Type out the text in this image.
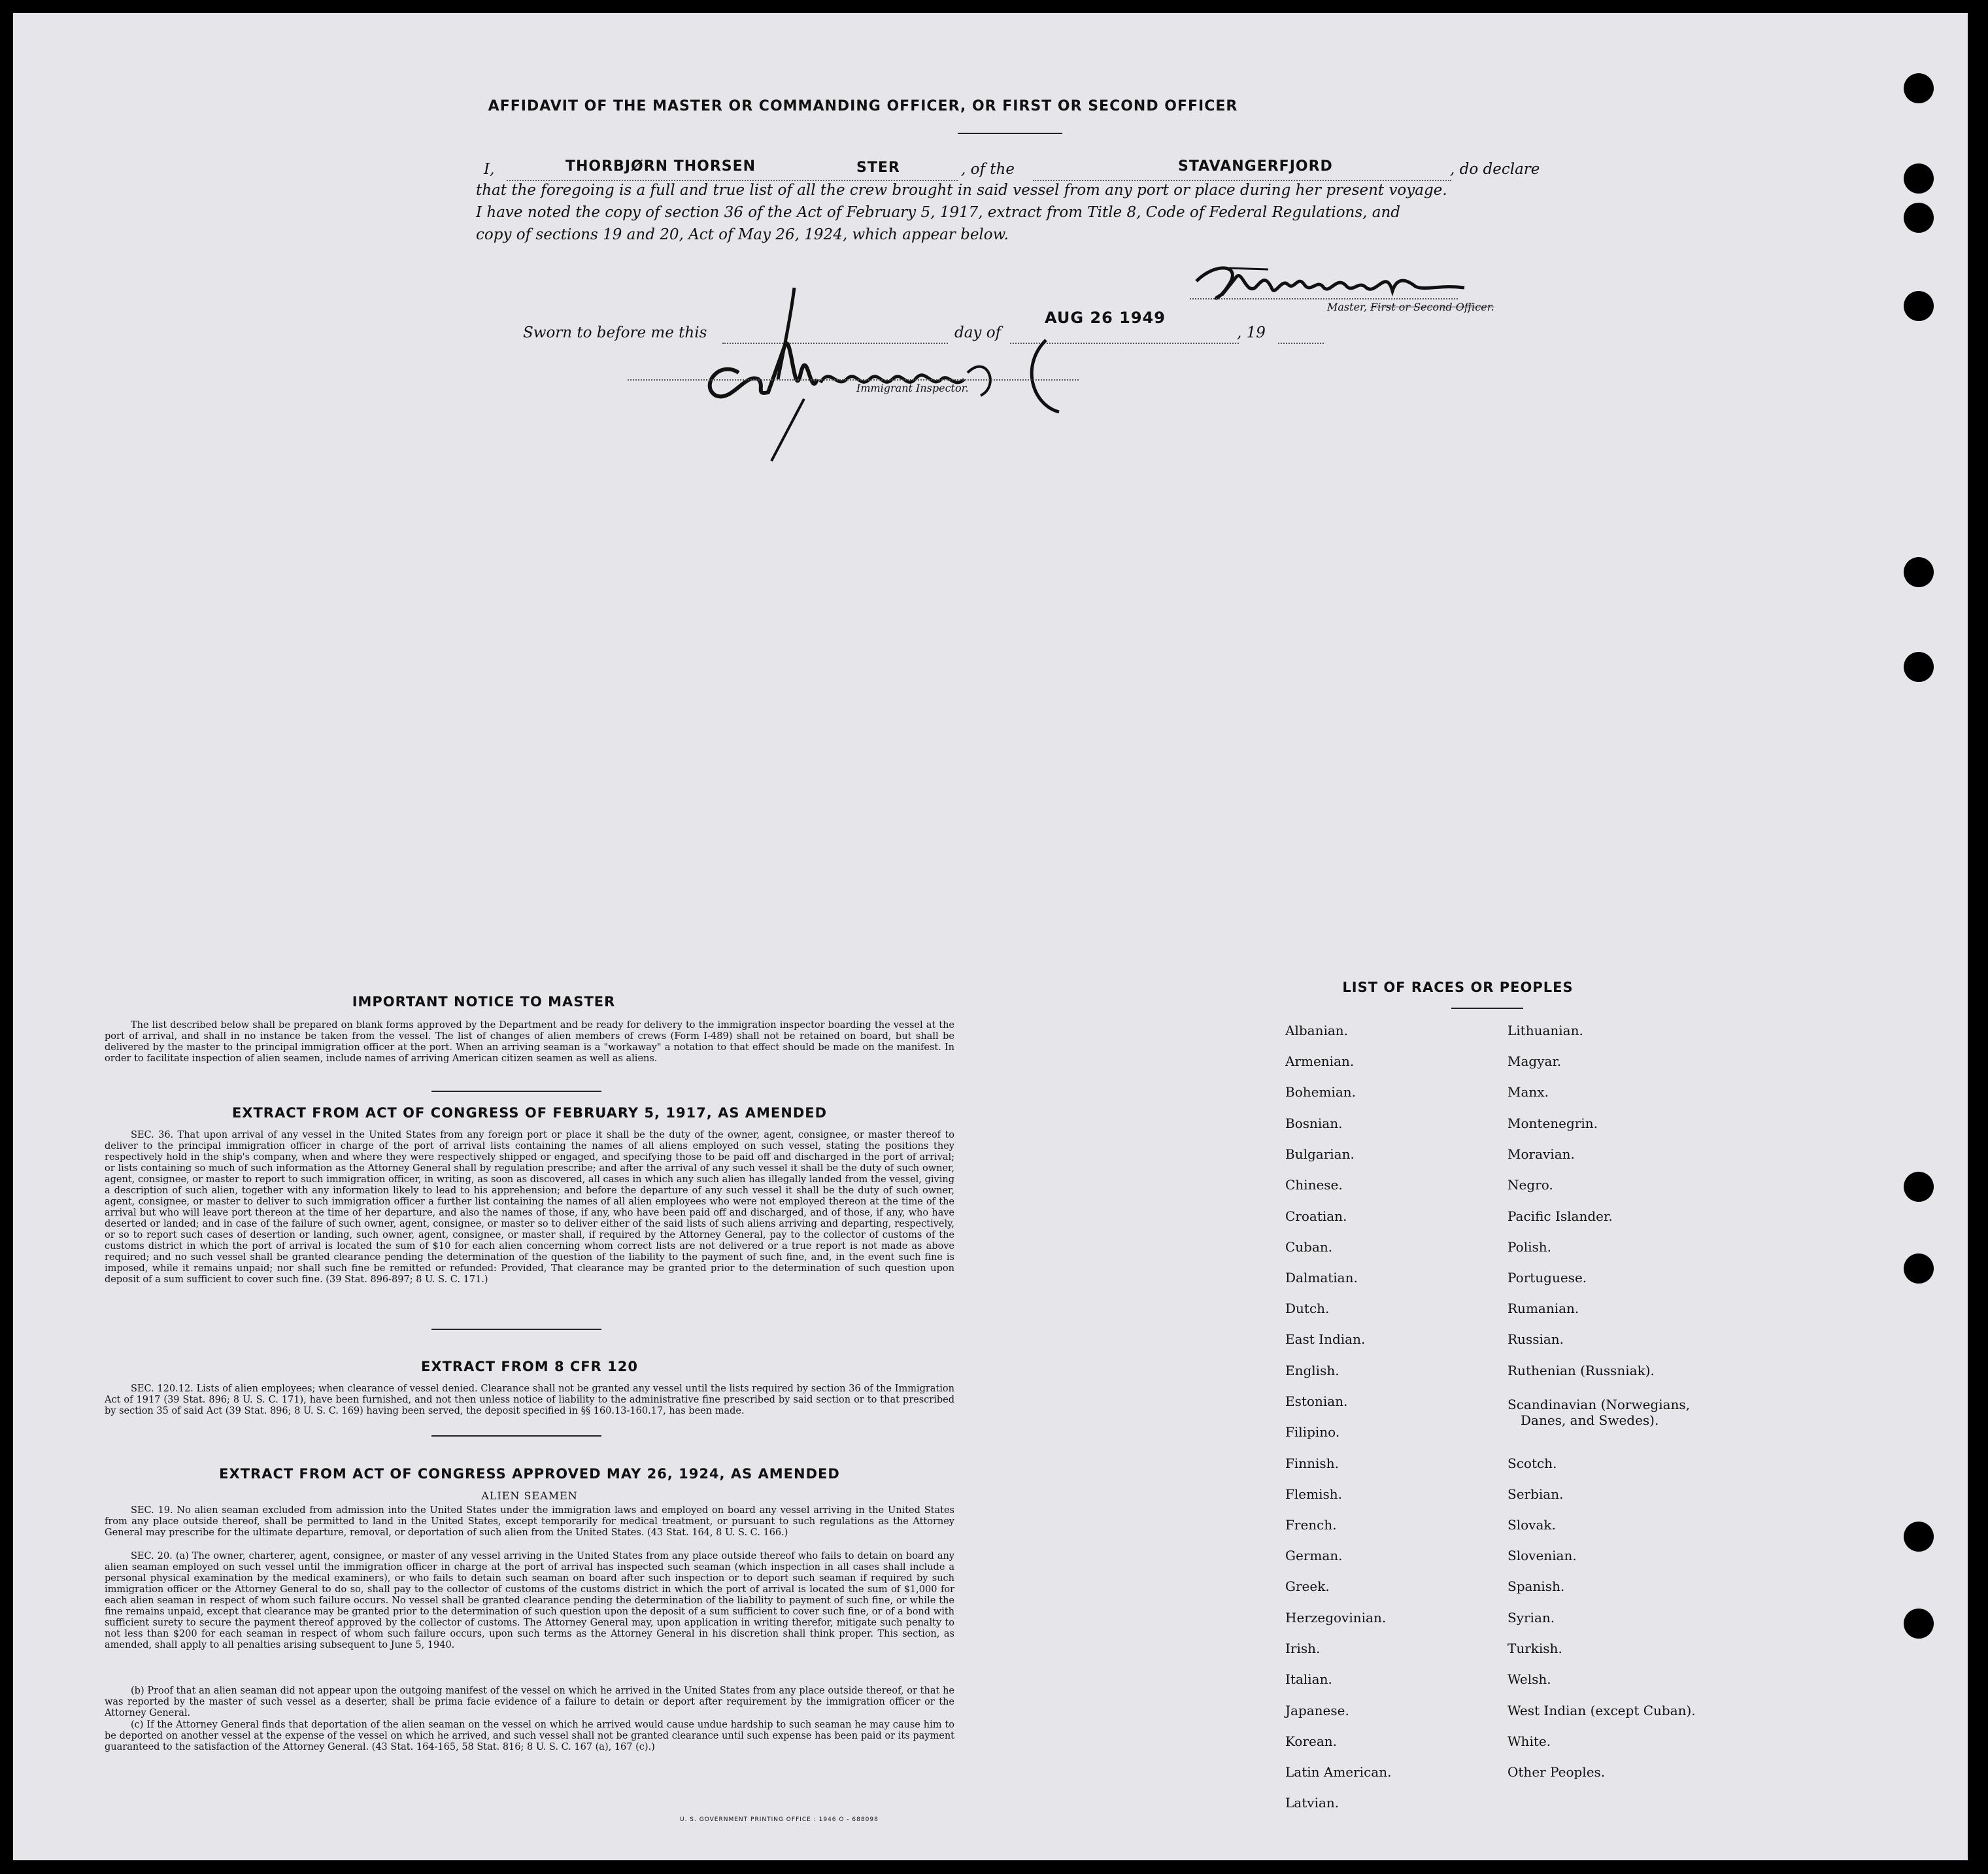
AFFIDAVIT OF THE MASTER OR COMMANDING OFFICER, OR FIRST OR SECOND OFFICER
I,	THORBJØRN THORSEN	STER	, of the	STAVANGERFJORD	, do declare
that the foregoing is a full and true list of all the crew brought in said vessel from any port or place during her present voyage.
I have noted the copy of section 36 of the Act of February 5, 1917, extract from Title 8, Code of Federal Regulations, and
copy of sections 19 and 20, Act of May 26, 1924, which appear below.
Master, First or Second Officer.
Sworn to before me this	day of
AUG 26 1949
, 19
Immigrant Inspector.
IMPORTANT NOTICE TO MASTER
The list described below shall be prepared on blank forms approved by the Department and be ready for delivery to the immigration inspector boarding the vessel at the port of arrival, and shall in no instance be taken from the vessel. The list of changes of alien members of crews (Form I-489) shall not be retained on board, but shall be delivered by the master to the principal immigration officer at the port. When an arriving seaman is a "workaway" a notation to that effect should be made on the manifest. In order to facilitate inspection of alien seamen, include names of arriving American citizen seamen as well as aliens.
EXTRACT FROM ACT OF CONGRESS OF FEBRUARY 5, 1917, AS AMENDED
SEC. 36. That upon arrival of any vessel in the United States from any foreign port or place it shall be the duty of the owner, agent, consignee, or master thereof to deliver to the principal immigration officer in charge of the port of arrival lists containing the names of all aliens employed on such vessel, stating the positions they respectively hold in the ship's company, when and where they were respectively shipped or engaged, and specifying those to be paid off and discharged in the port of arrival; or lists containing so much of such information as the Attorney General shall by regulation prescribe; and after the arrival of any such vessel it shall be the duty of such owner, agent, consignee, or master to report to such immigration officer, in writing, as soon as discovered, all cases in which any such alien has illegally landed from the vessel, giving a description of such alien, together with any information likely to lead to his apprehension; and before the departure of any such vessel it shall be the duty of such owner, agent, consignee, or master to deliver to such immigration officer a further list containing the names of all alien employees who were not employed thereon at the time of the arrival but who will leave port thereon at the time of her departure, and also the names of those, if any, who have been paid off and discharged, and of those, if any, who have deserted or landed; and in case of the failure of such owner, agent, consignee, or master so to deliver either of the said lists of such aliens arriving and departing, respectively, or so to report such cases of desertion or landing, such owner, agent, consignee, or master shall, if required by the Attorney General, pay to the collector of customs of the customs district in which the port of arrival is located the sum of $10 for each alien concerning whom correct lists are not delivered or a true report is not made as above required; and no such vessel shall be granted clearance pending the determination of the question of the liability to the payment of such fine, and, in the event such fine is imposed, while it remains unpaid; nor shall such fine be remitted or refunded: Provided, That clearance may be granted prior to the determination of such question upon deposit of a sum sufficient to cover such fine. (39 Stat. 896-897; 8 U. S. C. 171.)
EXTRACT FROM 8 CFR 120
SEC. 120.12. Lists of alien employees; when clearance of vessel denied. Clearance shall not be granted any vessel until the lists required by section 36 of the Immigration Act of 1917 (39 Stat. 896; 8 U. S. C. 171), have been furnished, and not then unless notice of liability to the administrative fine prescribed by said section or to that prescribed by section 35 of said Act (39 Stat. 896; 8 U. S. C. 169) having been served, the deposit specified in §§ 160.13-160.17, has been made.
EXTRACT FROM ACT OF CONGRESS APPROVED MAY 26, 1924, AS AMENDED
ALIEN SEAMEN
SEC. 19. No alien seaman excluded from admission into the United States under the immigration laws and employed on board any vessel arriving in the United States from any place outside thereof, shall be permitted to land in the United States, except temporarily for medical treatment, or pursuant to such regulations as the Attorney General may prescribe for the ultimate departure, removal, or deportation of such alien from the United States. (43 Stat. 164, 8 U. S. C. 166.)
SEC. 20. (a) The owner, charterer, agent, consignee, or master of any vessel arriving in the United States from any place outside thereof who fails to detain on board any alien seaman employed on such vessel until the immigration officer in charge at the port of arrival has inspected such seaman (which inspection in all cases shall include a personal physical examination by the medical examiners), or who fails to detain such seaman on board after such inspection or to deport such seaman if required by such immigration officer or the Attorney General to do so, shall pay to the collector of customs of the customs district in which the port of arrival is located the sum of $1,000 for each alien seaman in respect of whom such failure occurs. No vessel shall be granted clearance pending the determination of the liability to payment of such fine, or while the fine remains unpaid, except that clearance may be granted prior to the determination of such question upon the deposit of a sum sufficient to cover such fine, or of a bond with sufficient surety to secure the payment thereof approved by the collector of customs. The Attorney General may, upon application in writing therefor, mitigate such penalty to not less than $200 for each seaman in respect of whom such failure occurs, upon such terms as the Attorney General in his discretion shall think proper. This section, as amended, shall apply to all penalties arising subsequent to June 5, 1940.
(b) Proof that an alien seaman did not appear upon the outgoing manifest of the vessel on which he arrived in the United States from any place outside thereof, or that he was reported by the master of such vessel as a deserter, shall be prima facie evidence of a failure to detain or deport after requirement by the immigration officer or the Attorney General.
(c) If the Attorney General finds that deportation of the alien seaman on the vessel on which he arrived would cause undue hardship to such seaman he may cause him to be deported on another vessel at the expense of the vessel on which he arrived, and such vessel shall not be granted clearance until such expense has been paid or its payment guaranteed to the satisfaction of the Attorney General. (43 Stat. 164-165, 58 Stat. 816; 8 U. S. C. 167 (a), 167 (c).)
U. S. GOVERNMENT PRINTING OFFICE : 1946 O - 688098
LIST OF RACES OR PEOPLES
Albanian.
Armenian.
Bohemian.
Bosnian.
Bulgarian.
Chinese.
Croatian.
Cuban.
Dalmatian.
Dutch.
East Indian.
English.
Estonian.
Filipino.
Finnish.
Flemish.
French.
German.
Greek.
Herzegovinian.
Irish.
Italian.
Japanese.
Korean.
Latin American.
Latvian.
Lithuanian.
Magyar.
Manx.
Montenegrin.
Moravian.
Negro.
Pacific Islander.
Polish.
Portuguese.
Rumanian.
Russian.
Ruthenian (Russniak).
Scandinavian (Norwegians,
Danes, and Swedes).
Scotch.
Serbian.
Slovak.
Slovenian.
Spanish.
Syrian.
Turkish.
Welsh.
West Indian (except Cuban).
White.
Other Peoples.
